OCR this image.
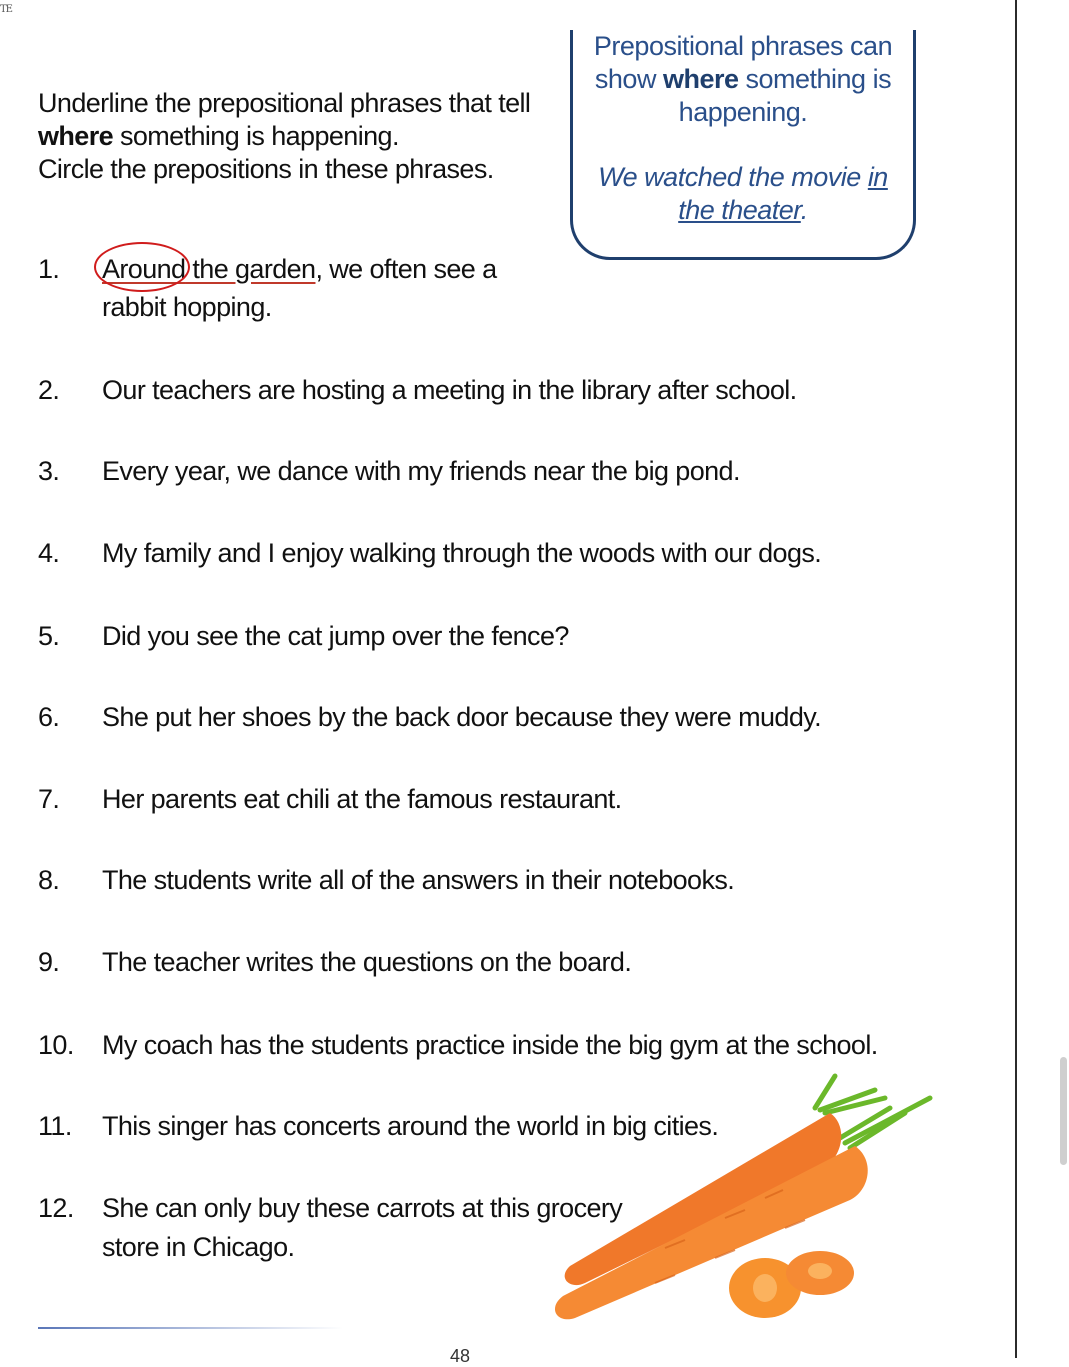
TE
Underline the prepositional phrases that tell
where something is happening.
Circle the prepositions in these phrases.
Prepositional phrases can show where something is happening.
We watched the movie in the theater.
1. Around the garden, we often see a
rabbit hopping.
2. Our teachers are hosting a meeting in the library after school.
3. Every year, we dance with my friends near the big pond.
4. My family and I enjoy walking through the woods with our dogs.
5. Did you see the cat jump over the fence?
6. She put her shoes by the back door because they were muddy.
7. Her parents eat chili at the famous restaurant.
8. The students write all of the answers in their notebooks.
9. The teacher writes the questions on the board.
10. My coach has the students practice inside the big gym at the school.
11. This singer has concerts around the world in big cities.
12. She can only buy these carrots at this grocery
store in Chicago.
48
